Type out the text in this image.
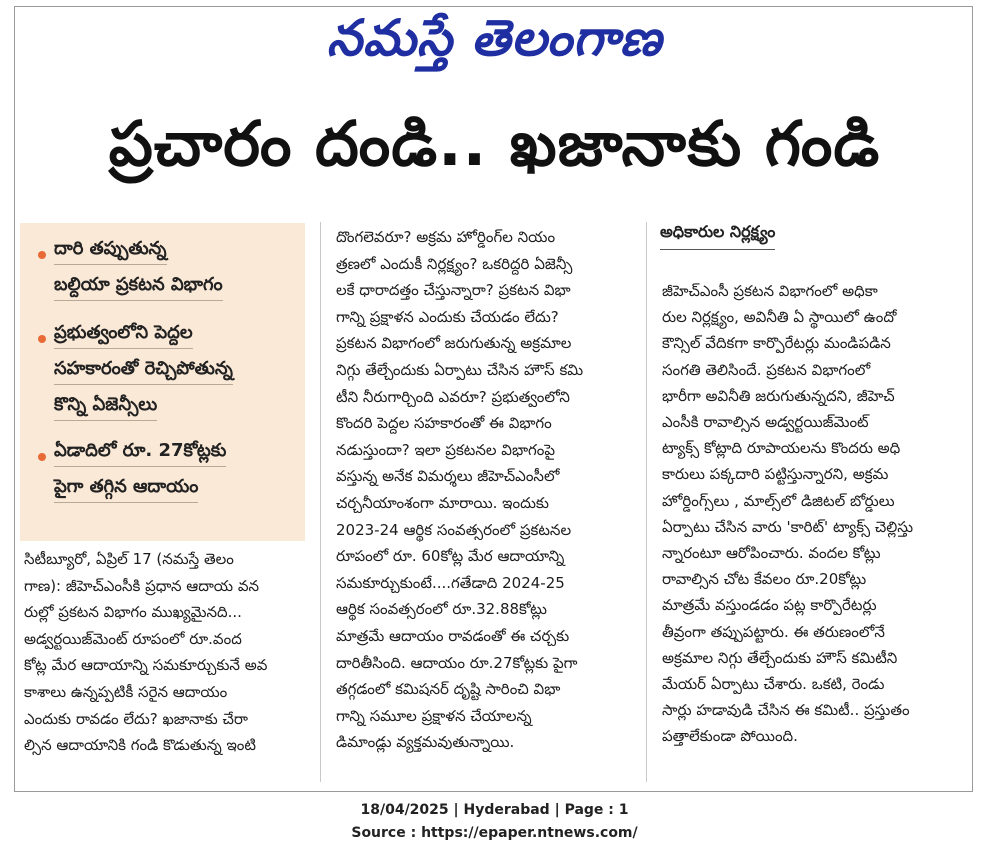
నమస్తే తెలంగాణ
ప్రచారం దండి.. ఖజానాకు గండి
దారి తప్పుతున్న
బల్దియా ప్రకటన విభాగం
ప్రభుత్వంలోని పెద్దల
సహకారంతో రెచ్చిపోతున్న
కొన్ని ఏజెన్సీలు
ఏడాదిలో రూ. 27కోట్లకు
పైగా తగ్గిన ఆదాయం

సిటీబ్యూరో, ఏప్రిల్ 17 (నమస్తే తెలం

గాణ): జీహెచ్ఎంసీకి ప్రధాన ఆదాయ వన

రుల్లో ప్రకటన విభాగం ముఖ్యమైనది...

అడ్వర్టయిజ్‌మెంట్ రూపంలో రూ.వంద

కోట్ల మేర ఆదాయాన్ని సమకూర్చుకునే అవ

కాశాలు ఉన్నప్పటికీ సరైన ఆదాయం

ఎందుకు రావడం లేదు? ఖజానాకు చేరా

ల్సిన ఆదాయానికి గండి కొడుతున్న ఇంటి

దొంగలెవరూ? అక్రమ హోర్డింగ్‌ల నియం

త్రణలో ఎందుకీ నిర్లక్ష్యం? ఒకరిద్దరి ఏజెన్సీ

లకే ధారాదత్తం చేస్తున్నారా? ప్రకటన విభా

గాన్ని ప్రక్షాళన ఎందుకు చేయడం లేదు?

ప్రకటన విభాగంలో జరుగుతున్న అక్రమాల

నిగ్గు తేల్చేందుకు ఏర్పాటు చేసిన హౌస్ కమి

టీని నీరుగార్చింది ఎవరూ? ప్రభుత్వంలోని

కొందరి పెద్దల సహకారంతో ఈ విభాగం

నడుస్తుందా? ఇలా ప్రకటనల విభాగంపై

వస్తున్న అనేక విమర్శలు జీహెచ్ఎంసీలో

చర్చనీయాంశంగా మారాయి. ఇందుకు

2023-24 ఆర్థిక సంవత్సరంలో ప్రకటనల

రూపంలో రూ. 60కోట్ల మేర ఆదాయాన్ని

సమకూర్చుకుంటే....గతేడాది 2024-25

ఆర్థిక సంవత్సరంలో రూ.32.88కోట్లు

మాత్రమే ఆదాయం రావడంతో ఈ చర్చకు

దారితీసింది. ఆదాయం రూ.27కోట్లకు పైగా

తగ్గడంలో కమిషనర్ దృష్టి సారించి విభా

గాన్ని సమూల ప్రక్షాళన చేయాలన్న

డిమాండ్లు వ్యక్తమవుతున్నాయి.

అధికారుల నిర్లక్ష్యం

జీహెచ్ఎంసీ ప్రకటన విభాగంలో అధికా

రుల నిర్లక్ష్యం, అవినీతి ఏ స్థాయిలో ఉందో

కౌన్సిల్ వేదికగా కార్పొరేటర్లు మండిపడిన

సంగతి తెలిసిందే. ప్రకటన విభాగంలో

భారీగా అవినీతి జరుగుతున్నదని, జీహెచ్

ఎంసీకి రావాల్సిన అడ్వర్టయిజ్‌మెంట్

ట్యాక్స్ కోట్లాది రూపాయలను కొందరు అధి

కారులు పక్కదారి పట్టిస్తున్నారని, అక్రమ

హోర్డింగ్స్‌లు , మాల్స్‌లో డిజిటల్ బోర్డులు

ఏర్పాటు చేసిన వారు 'కారిట్' ట్యాక్స్ చెల్లిస్తు

న్నారంటూ ఆరోపించారు. వందల కోట్లు

రావాల్సిన చోట కేవలం రూ.20కోట్లు

మాత్రమే వస్తుండడం పట్ల కార్పొరేటర్లు

తీవ్రంగా తప్పుపట్టారు. ఈ తరుణంలోనే

అక్రమాల నిగ్గు తేల్చేందుకు హౌస్ కమిటీని

మేయర్ ఏర్పాటు చేశారు. ఒకటి, రెండు

సార్లు హడావుడి చేసిన ఈ కమిటీ.. ప్రస్తుతం

పత్తాలేకుండా పోయింది.

18/04/2025 | Hyderabad | Page : 1
Source : https://epaper.ntnews.com/
